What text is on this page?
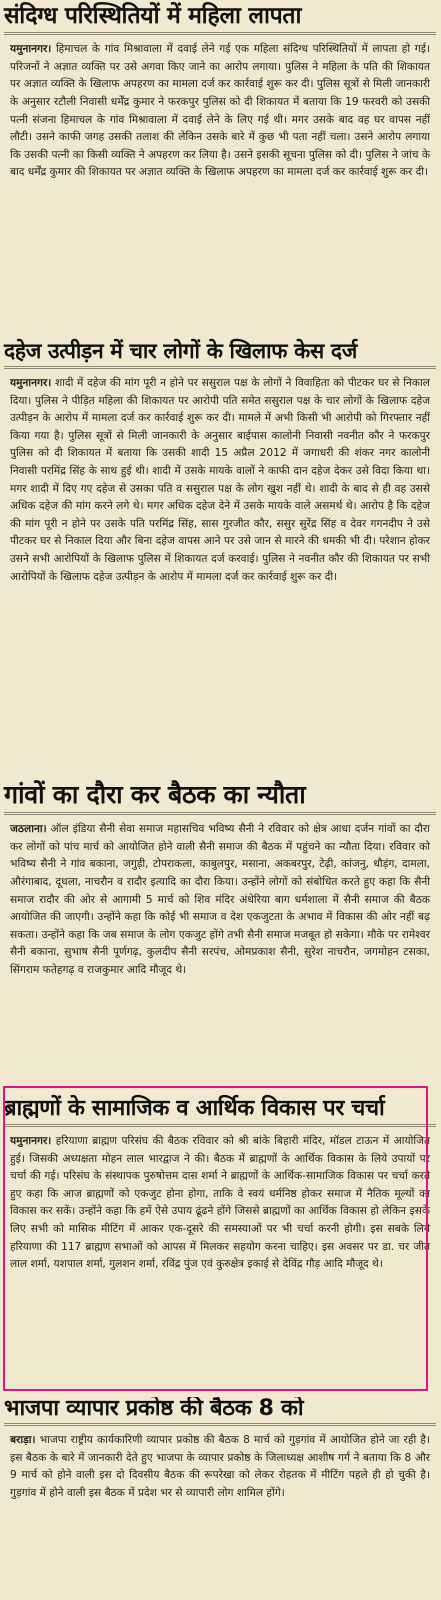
संदिग्ध परिस्थितियों में महिला लापता

यमुनानगर। हिमाचल के गांव मिश्रावाला में दवाई लेने गई एक महिला संदिग्ध परिस्थितियों में लापता हो गई। परिजनों ने अज्ञात व्यक्ति पर उसे अगवा किए जाने का आरोप लगाया। पुलिस ने महिला के पति की शिकायत पर अज्ञात व्यक्ति के खिलाफ अपहरण का मामला दर्ज कर कार्रवाई शुरू कर दी। पुलिस सूत्रों से मिली जानकारी के अनुसार रटौली निवासी धर्मेंद्र कुमार ने फरकपुर पुलिस को दी शिकायत में बताया कि 19 फरवरी को उसकी पत्नी संजना हिमाचल के गांव मिश्रावाला में दवाई लेने के लिए गई थी। मगर उसके बाद वह घर वापस नहीं लौटी। उसने काफी जगह उसकी तलाश की लेकिन उसके बारे में कुछ भी पता नहीं चला। उसने आरोप लगाया कि उसकी पत्नी का किसी व्यक्ति ने अपहरण कर लिया है। उसने इसकी सूचना पुलिस को दी। पुलिस ने जांच के बाद धर्मेंद्र कुमार की शिकायत पर अज्ञात व्यक्ति के खिलाफ अपहरण का मामला दर्ज कर कार्रवाई शुरू कर दी।

दहेज उत्पीड़न में चार लोगों के खिलाफ केस दर्ज

यमुनानगर। शादी में दहेज की मांग पूरी न होने पर ससुराल पक्ष के लोगों ने विवाहिता को पीटकर घर से निकाल दिया। पुलिस ने पीड़ित महिला की शिकायत पर आरोपी पति समेत ससुराल पक्ष के चार लोगों के खिलाफ दहेज उत्पीड़न के आरोप में मामला दर्ज कर कार्रवाई शुरू कर दी। मामले में अभी किसी भी आरोपी को गिरफ्तार नहीं किया गया है। पुलिस सूत्रों से मिली जानकारी के अनुसार बाईपास कालोनी निवासी नवनीत कौर ने फरकपुर पुलिस को दी शिकायत में बताया कि उसकी शादी 15 अप्रैल 2012 में जगाधरी की शंकर नगर कालोनी निवासी परमिंद्र सिंह के साथ हुई थी। शादी में उसके मायके वालों ने काफी दान दहेज देकर उसे विदा किया था। मगर शादी में दिए गए दहेज से उसका पति व ससुराल पक्ष के लोग खुश नहीं थे। शादी के बाद से ही वह उससे अधिक दहेज की मांग करने लगे थे। मगर अधिक दहेज देने में उसके मायके वाले असमर्थ थे। आरोप है कि दहेज की मांग पूरी न होने पर उसके पति परमिंद्र सिंह, सास गुरजीत कौर, ससुर सुरेंद्र सिंह व देवर गगनदीप ने उसे पीटकर घर से निकाल दिया और बिना दहेज वापस आने पर उसे जान से मारने की धमकी भी दी। परेशान होकर उसने सभी आरोपियों के खिलाफ पुलिस में शिकायत दर्ज करवाई। पुलिस ने नवनीत कौर की शिकायत पर सभी आरोपियों के खिलाफ दहेज उत्पीड़न के आरोप में मामला दर्ज कर कार्रवाई शुरू कर दी।

गांवों का दौरा कर बैठक का न्यौता

जठलाना। ऑल इंडिया सैनी सेवा समाज महासचिव भविष्य सैनी ने रविवार को क्षेत्र आधा दर्जन गांवों का दौरा कर लोगों को पांच मार्च को आयोजित होने वाली सैनी समाज की बैठक में पहुंचने का न्यौता दिया। रविवार को भविष्य सैनी ने गांव बकाना, जगुड़ी, टोपराकला, काबुलपुर, मसाना, अकबरपुर, टेढ़ी, कांजनु, धौड़ंग, दामला, औरंगाबाद, दूधला, नाचरौन व रादौर इत्यादि का दौरा किया। उन्होंने लोगों को संबोधित करते हुए कहा कि सैनी समाज रादौर की ओर से आगामी 5 मार्च को शिव मंदिर अंधेरिया बाग धर्मशाला में सैनी समाज की बैठक आयोजित की जाएगी। उन्होंने कहा कि कोई भी समाज व देश एकजुटता के अभाव में विकास की ओर नहीं बढ़ सकता। उन्होंने कहा कि जब समाज के लोग एकजुट होंगे तभी सैनी समाज मजबूत हो सकेगा। मौके पर रामेश्वर सैनी बकाना, सुभाष सैनी पूर्णगढ़, कुलदीप सैनी सरपंच, ओमप्रकाश सैनी, सुरेश नाचरौन, जगमोहन टसका, सिंगराम फतेहगढ़ व राजकुमार आदि मौजूद थे।

ब्राह्मणों के सामाजिक व आर्थिक विकास पर चर्चा

यमुनानगर। हरियाणा ब्राह्मण परिसंघ की बैठक रविवार को श्री बांके बिहारी मंदिर, मॉडल टाऊन में आयोजित हुई। जिसकी अध्यक्षता मोहन लाल भारद्वाज ने की। बैठक में ब्राह्मणों के आर्थिक विकास के लिये उपायों पर चर्चा की गई। परिसंघ के संस्थापक पुरुषोत्तम दास शर्मा ने ब्राह्मणों के आर्थिक-सामाजिक विकास पर चर्चा करते हुए कहा कि आज ब्राह्मणों को एकजुट होना होगा, ताकि वे स्वयं धर्मनिष्ठ होकर समाज में नैतिक मूल्यों का विकास कर सकें। उन्होंने कहा कि हमें ऐसे उपाय ढूंढने होंगे जिससे ब्राह्मणों का आर्थिक विकास हो लेकिन इसके लिए सभी को मासिक मीटिंग में आकर एक-दूसरे की समस्याओं पर भी चर्चा करनी होगी। इस सबके लिये हरियाणा की 117 ब्राह्मण सभाओं को आपस में मिलकर सहयोग करना चाहिए। इस अवसर पर डा. चर जीत लाल शर्मा, यशपाल शर्मा, गुलशन शर्मा, रविंद्र पुंज एवं कुरुक्षेत्र इकाई से देविंद्र गौड़ आदि मौजूद थे।

भाजपा व्यापार प्रकोष्ठ की बैठक 8 को

बराड़ा। भाजपा राष्ट्रीय कार्यकारिणी व्यापार प्रकोष्ठ की बैठक 8 मार्च को गुड़गांव में आयोजित होने जा रही है। इस बैठक के बारे में जानकारी देते हुए भाजपा के व्यापार प्रकोष्ठ के जिलाध्यक्ष आशीष गर्ग ने बताया कि 8 और 9 मार्च को होने वाली इस दो दिवसीय बैठक की रूपरेखा को लेकर रोहतक में मीटिंग पहले ही हो चुकी है। गुड़गांव में होने वाली इस बैठक में प्रदेश भर से व्यापारी लोग शामिल होंगे।
